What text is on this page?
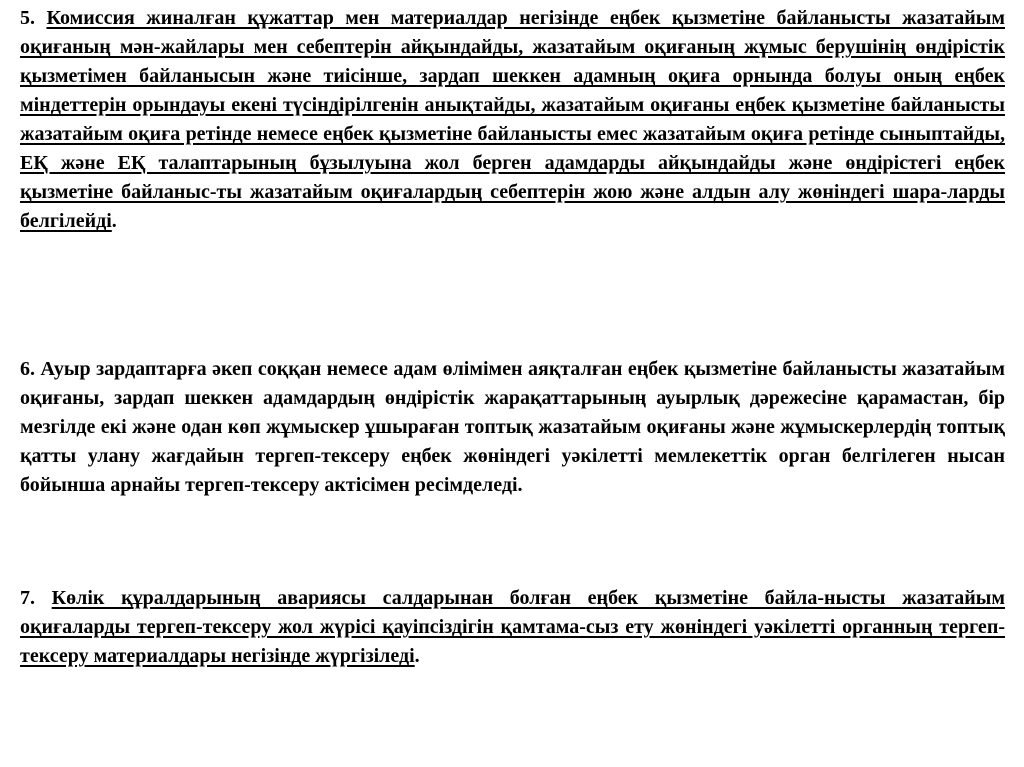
5. Комиссия жиналған құжаттар мен материалдар негізінде еңбек қызметіне байланысты жазатайым оқиғаның мән-жайлары мен себептерін айқындайды, жазатайым оқиғаның жұмыс берушінің өндірістік қызметімен байланысын және тиісінше, зардап шеккен адамның оқиға орнында болуы оның еңбек міндеттерін орындауы екені түсіндірілгенін анықтайды, жазатайым оқиғаны еңбек қызметіне байланысты жазатайым оқиға ретінде немесе еңбек қызметіне байланысты емес жазатайым оқиға ретінде сыныптайды, ЕҚ және ЕҚ талаптарының бұзылуына жол берген адамдарды айқындайды және өндірістегі еңбек қызметіне байланыс-ты жазатайым оқиғалардың себептерін жою және алдын алу жөніндегі шара-ларды белгілейді.

6. Ауыр зардаптарға әкеп соққан немесе адам өлімімен аяқталған еңбек қызметіне байланысты жазатайым оқиғаны, зардап шеккен адамдардың өндірістік жарақаттарының ауырлық дәрежесіне қарамастан, бір мезгілде екі және одан көп жұмыскер ұшыраған топтық жазатайым оқиғаны және жұмыскерлердің топтық қатты улану жағдайын тергеп-тексеру еңбек жөніндегі уәкілетті мемлекеттік орган белгілеген нысан бойынша арнайы тергеп-тексеру актісімен ресімделеді.

7. Көлік құралдарының авариясы салдарынан болған еңбек қызметіне байла-нысты жазатайым оқиғаларды тергеп-тексеру жол жүрісі қауіпсіздігін қамтама-сыз ету жөніндегі уәкілетті органның тергеп-тексеру материалдары негізінде жүргізіледі.
